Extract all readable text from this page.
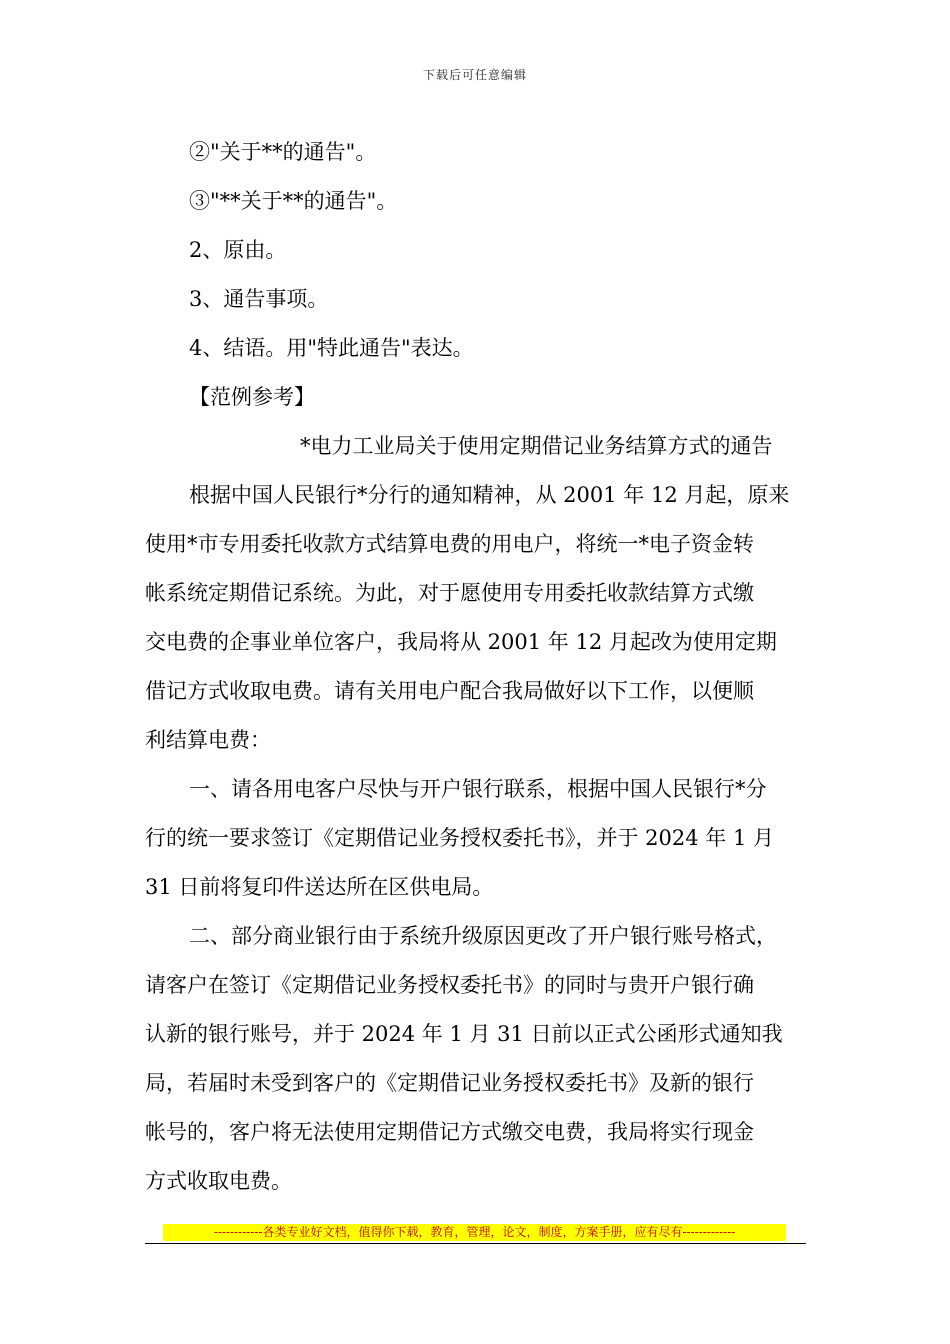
下载后可任意编辑
②"关于**的通告"。
③"**关于**的通告"。
2、原由。
3、通告事项。
4、结语。用"特此通告"表达。
【范例参考】
*电力工业局关于使用定期借记业务结算方式的通告
根据中国人民银行*分行的通知精神，从 2001 年 12 月起，原来
使用*市专用委托收款方式结算电费的用电户，将统一*电子资金转
帐系统定期借记系统。为此，对于愿使用专用委托收款结算方式缴
交电费的企事业单位客户，我局将从 2001 年 12 月起改为使用定期
借记方式收取电费。请有关用电户配合我局做好以下工作，以便顺
利结算电费：
一、请各用电客户尽快与开户银行联系，根据中国人民银行*分
行的统一要求签订《定期借记业务授权委托书》，并于 2024 年 1 月
31 日前将复印件送达所在区供电局。
二、部分商业银行由于系统升级原因更改了开户银行账号格式，
请客户在签订《定期借记业务授权委托书》的同时与贵开户银行确
认新的银行账号，并于 2024 年 1 月 31 日前以正式公函形式通知我
局，若届时未受到客户的《定期借记业务授权委托书》及新的银行
帐号的，客户将无法使用定期借记方式缴交电费，我局将实行现金
方式收取电费。
------------各类专业好文档，值得你下载，教育，管理，论文，制度，方案手册，应有尽有-------------
